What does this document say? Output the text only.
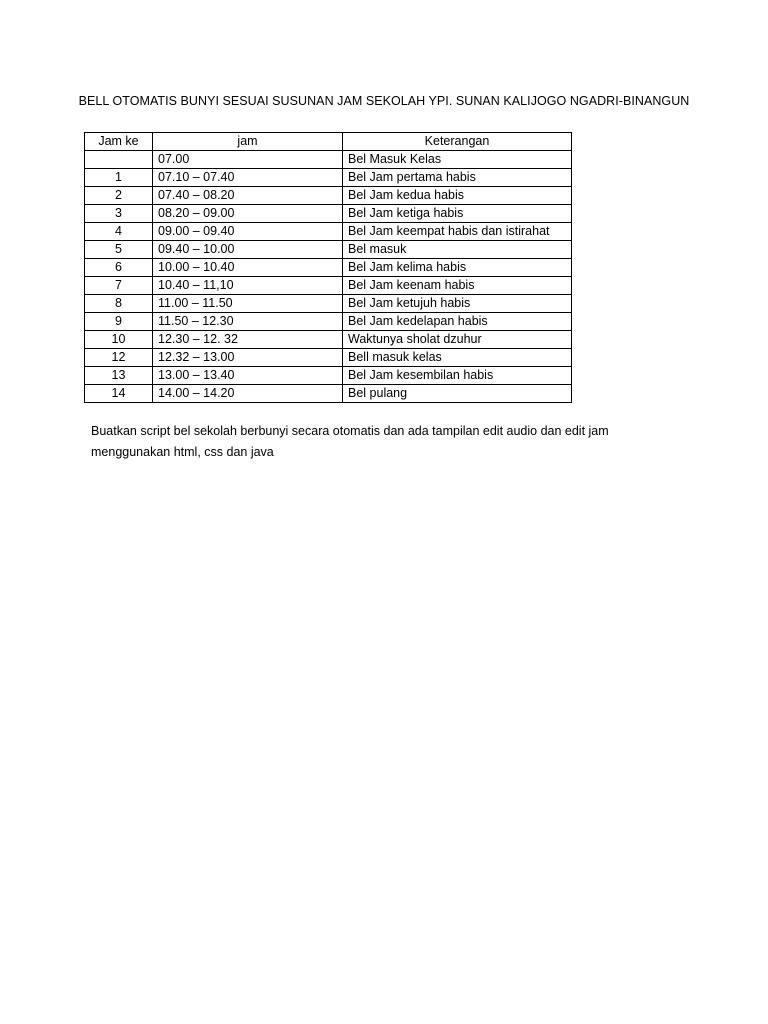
BELL OTOMATIS BUNYI SESUAI SUSUNAN JAM SEKOLAH YPI. SUNAN KALIJOGO NGADRI-BINANGUN
Jam ke	jam	Keterangan
	07.00	Bel Masuk Kelas
1	07.10 – 07.40	Bel Jam pertama habis
2	07.40 – 08.20	Bel Jam kedua habis
3	08.20 – 09.00	Bel Jam ketiga habis
4	09.00 – 09.40	Bel Jam keempat habis dan istirahat
5	09.40 – 10.00	Bel masuk
6	10.00 – 10.40	Bel Jam kelima habis
7	10.40 – 11,10	Bel Jam keenam habis
8	11.00 – 11.50	Bel Jam ketujuh habis
9	11.50 – 12.30	Bel Jam kedelapan habis
10	12.30 – 12. 32	Waktunya sholat dzuhur
12	12.32 – 13.00	Bell masuk kelas
13	13.00 – 13.40	Bel Jam kesembilan habis
14	14.00 – 14.20	Bel pulang

Buatkan script bel sekolah berbunyi secara otomatis dan ada tampilan edit audio dan edit jam

menggunakan html, css dan java
